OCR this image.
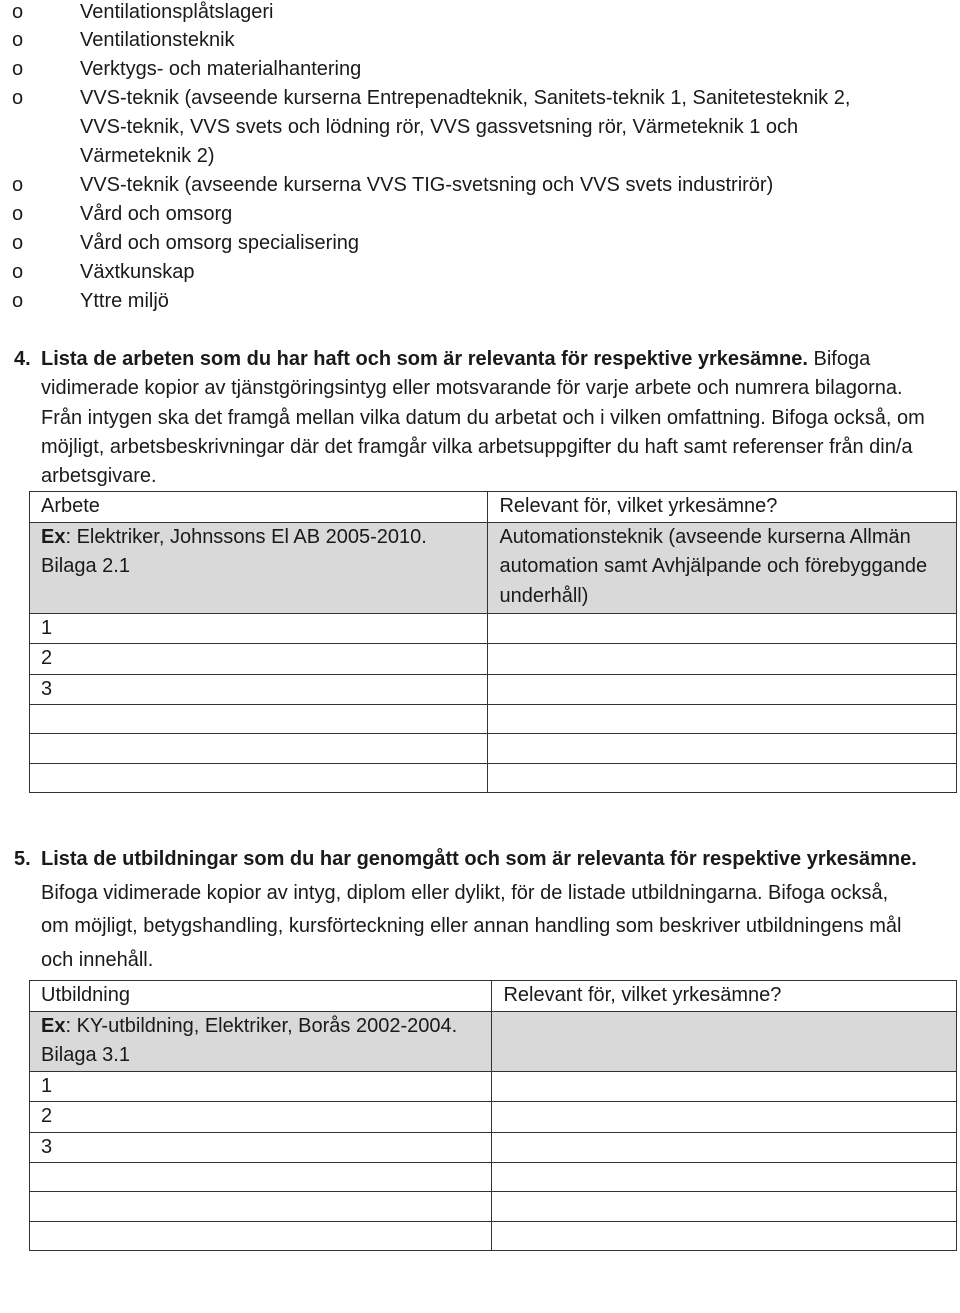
o	Ventilationsplåtslageri
o	Ventilationsteknik
o	Verktygs- och materialhantering
o	VVS-teknik (avseende kurserna Entrepenadteknik, Sanitets-teknik 1, Sanitetesteknik 2,
VVS-teknik, VVS svets och lödning rör, VVS gassvetsning rör, Värmeteknik 1 och
Värmeteknik 2)
o	VVS-teknik (avseende kurserna VVS TIG-svetsning och VVS svets industrirör)
o	Vård och omsorg
o	Vård och omsorg specialisering
o	Växtkunskap
o	Yttre miljö
4. Lista de arbeten som du har haft och som är relevanta för respektive yrkesämne. Bifoga vidimerade kopior av tjänstgöringsintyg eller motsvarande för varje arbete och numrera bilagorna. Från intygen ska det framgå mellan vilka datum du arbetat och i vilken omfattning. Bifoga också, om möjligt, arbetsbeskrivningar där det framgår vilka arbetsuppgifter du haft samt referenser från din/a arbetsgivare.
Arbete	Relevant för, vilket yrkesämne?
Ex: Elektriker, Johnssons El AB 2005-2010. Bilaga 2.1	Automationsteknik (avseende kurserna Allmän automation samt Avhjälpande och förebyggande underhåll)
1	
2	
3	

5. Lista de utbildningar som du har genomgått och som är relevanta för respektive yrkesämne. Bifoga vidimerade kopior av intyg, diplom eller dylikt, för de listade utbildningarna. Bifoga också, om möjligt, betygshandling, kursförteckning eller annan handling som beskriver utbildningens mål och innehåll.
Utbildning	Relevant för, vilket yrkesämne?
Ex: KY-utbildning, Elektriker, Borås 2002-2004. Bilaga 3.1	
1	
2	
3	
